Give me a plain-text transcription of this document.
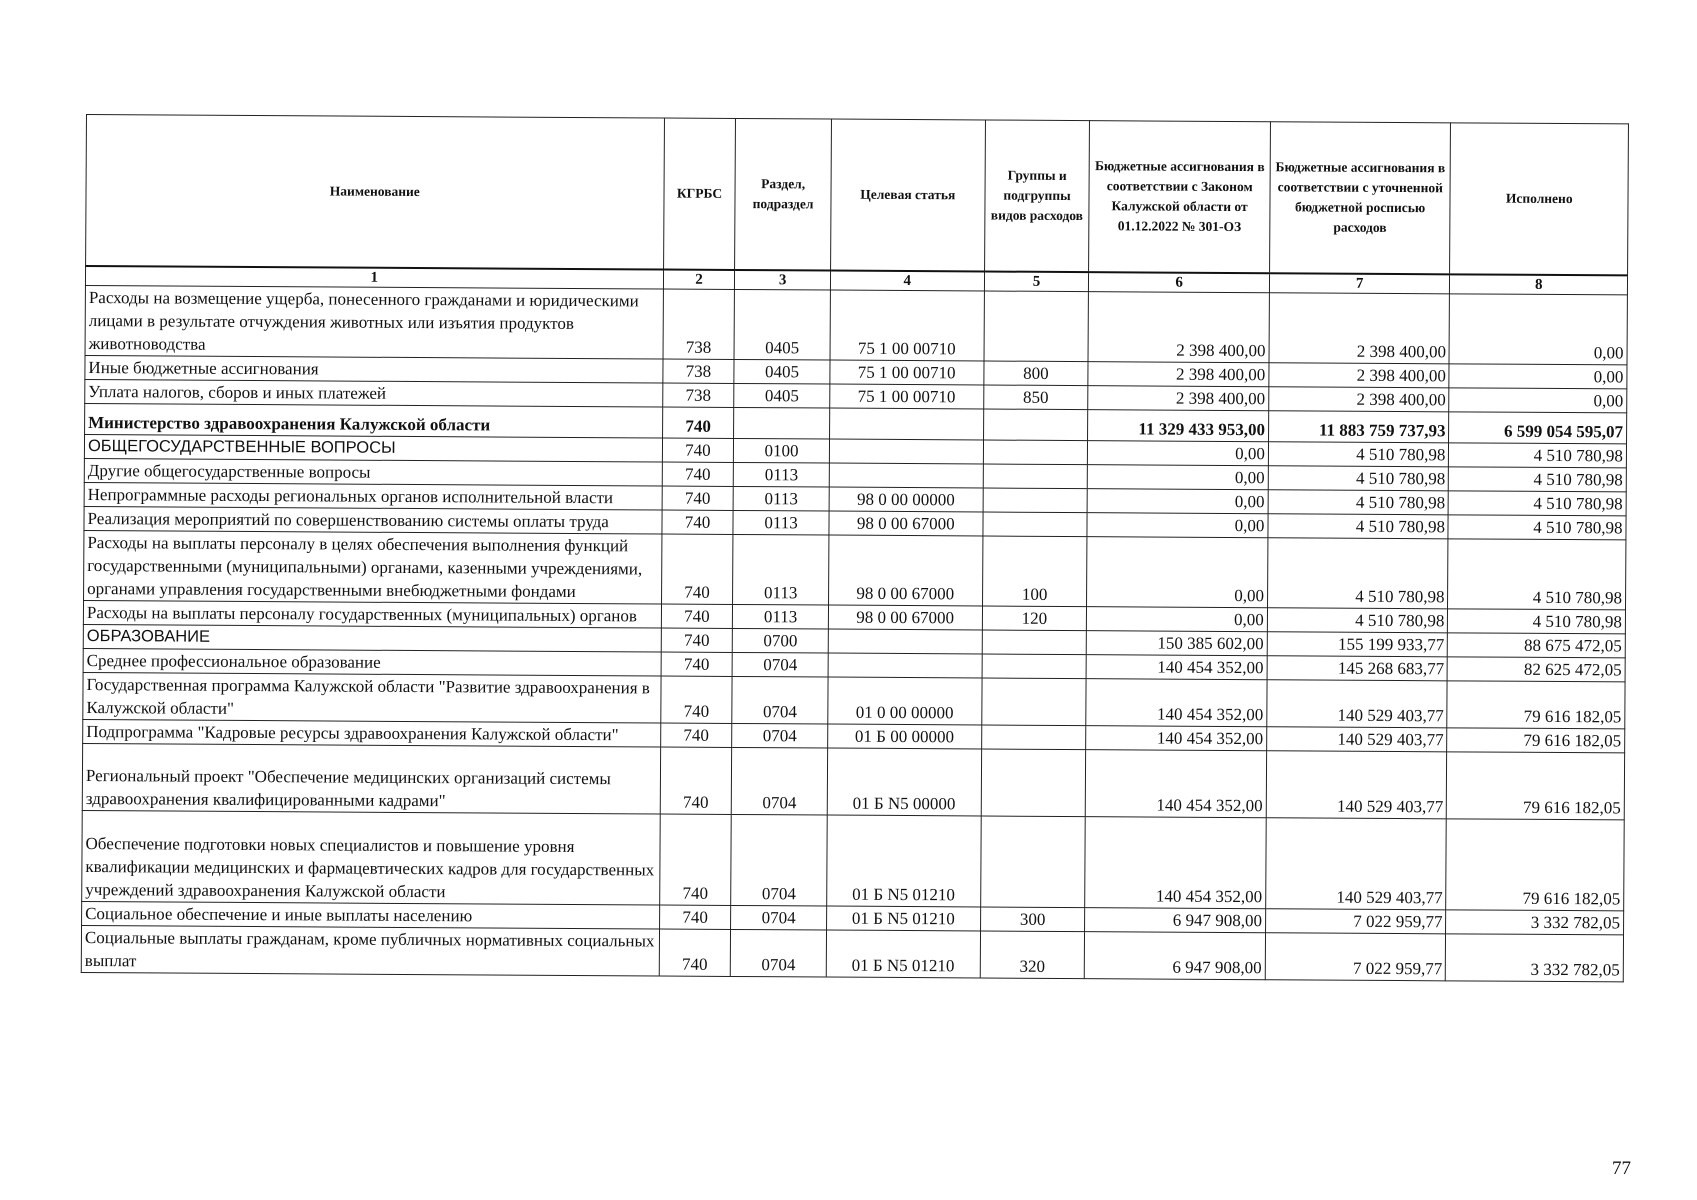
Наименование	КГРБС	Раздел, подраздел	Целевая статья	Группы и подгруппы видов расходов	Бюджетные ассигнования в соответствии с Законом Калужской области от 01.12.2022 № 301-ОЗ	Бюджетные ассигнования в соответствии с уточненной бюджетной росписью расходов	Исполнено
1	2	3	4	5	6	7	8
Расходы на возмещение ущерба, понесенного гражданами и юридическими лицами в результате отчуждения животных или изъятия продуктов животноводства	738	0405	75 1 00 00710		2 398 400,00	2 398 400,00	0,00
Иные бюджетные ассигнования	738	0405	75 1 00 00710	800	2 398 400,00	2 398 400,00	0,00
Уплата налогов, сборов и иных платежей	738	0405	75 1 00 00710	850	2 398 400,00	2 398 400,00	0,00
Министерство здравоохранения Калужской области	740				11 329 433 953,00	11 883 759 737,93	6 599 054 595,07
ОБЩЕГОСУДАРСТВЕННЫЕ ВОПРОСЫ	740	0100			0,00	4 510 780,98	4 510 780,98
Другие общегосударственные вопросы	740	0113			0,00	4 510 780,98	4 510 780,98
Непрограммные расходы региональных органов исполнительной власти	740	0113	98 0 00 00000		0,00	4 510 780,98	4 510 780,98
Реализация мероприятий по совершенствованию системы оплаты труда	740	0113	98 0 00 67000		0,00	4 510 780,98	4 510 780,98
Расходы на выплаты персоналу в целях обеспечения выполнения функций государственными (муниципальными) органами, казенными учреждениями, органами управления государственными внебюджетными фондами	740	0113	98 0 00 67000	100	0,00	4 510 780,98	4 510 780,98
Расходы на выплаты персоналу государственных (муниципальных) органов	740	0113	98 0 00 67000	120	0,00	4 510 780,98	4 510 780,98
ОБРАЗОВАНИЕ	740	0700			150 385 602,00	155 199 933,77	88 675 472,05
Среднее профессиональное образование	740	0704			140 454 352,00	145 268 683,77	82 625 472,05
Государственная программа Калужской области "Развитие здравоохранения в Калужской области"	740	0704	01 0 00 00000		140 454 352,00	140 529 403,77	79 616 182,05
Подпрограмма "Кадровые ресурсы здравоохранения Калужской области"	740	0704	01 Б 00 00000		140 454 352,00	140 529 403,77	79 616 182,05
Региональный проект "Обеспечение медицинских организаций системы здравоохранения квалифицированными кадрами"	740	0704	01 Б N5 00000		140 454 352,00	140 529 403,77	79 616 182,05
Обеспечение подготовки новых специалистов и повышение уровня квалификации медицинских и фармацевтических кадров для государственных учреждений здравоохранения Калужской области	740	0704	01 Б N5 01210		140 454 352,00	140 529 403,77	79 616 182,05
Социальное обеспечение и иные выплаты населению	740	0704	01 Б N5 01210	300	6 947 908,00	7 022 959,77	3 332 782,05
Социальные выплаты гражданам, кроме публичных нормативных социальных выплат	740	0704	01 Б N5 01210	320	6 947 908,00	7 022 959,77	3 332 782,05
77
